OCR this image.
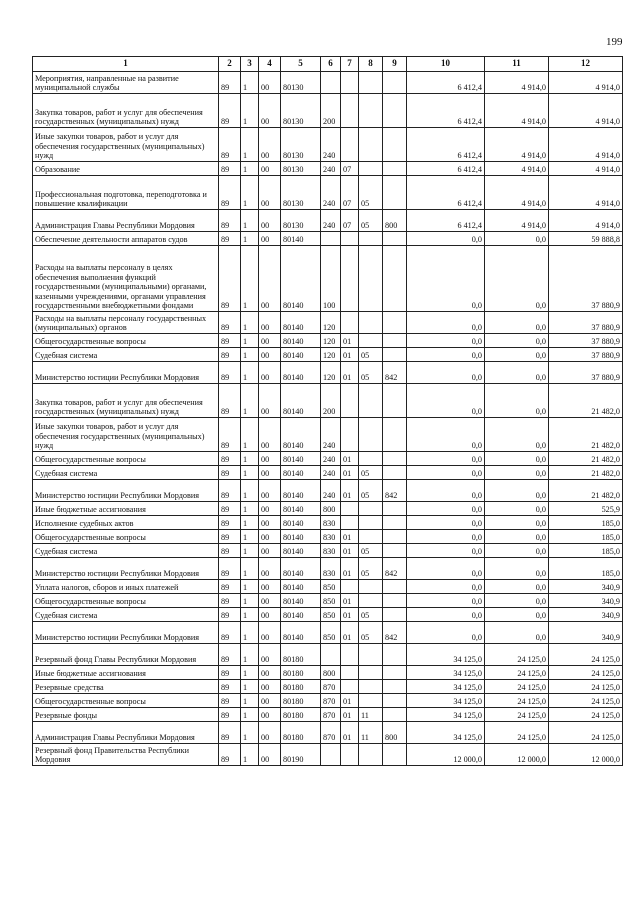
199
1	2	3	4	5	6	7	8	9	10	11	12
Мероприятия, направленные на развитие муниципальной службы	89	1	00	80130					6 412,4	4 914,0	4 914,0
Закупка товаров, работ и услуг для обеспечения государственных (муниципальных) нужд	89	1	00	80130	200				6 412,4	4 914,0	4 914,0
Иные закупки товаров, работ и услуг для обеспечения государственных (муниципальных) нужд	89	1	00	80130	240				6 412,4	4 914,0	4 914,0
Образование	89	1	00	80130	240	07			6 412,4	4 914,0	4 914,0
Профессиональная подготовка, переподготовка и повышение квалификации	89	1	00	80130	240	07	05		6 412,4	4 914,0	4 914,0
Администрация Главы Республики Мордовия	89	1	00	80130	240	07	05	800	6 412,4	4 914,0	4 914,0
Обеспечение деятельности аппаратов судов	89	1	00	80140					0,0	0,0	59 888,8
Расходы на выплаты персоналу в целях обеспечения выполнения функций государственными (муниципальными) органами, казенными учреждениями, органами управления государственными внебюджетными фондами	89	1	00	80140	100				0,0	0,0	37 880,9
Расходы на выплаты персоналу государственных (муниципальных) органов	89	1	00	80140	120				0,0	0,0	37 880,9
Общегосударственные вопросы	89	1	00	80140	120	01			0,0	0,0	37 880,9
Судебная система	89	1	00	80140	120	01	05		0,0	0,0	37 880,9
Министерство юстиции Республики Мордовия	89	1	00	80140	120	01	05	842	0,0	0,0	37 880,9
Закупка товаров, работ и услуг для обеспечения государственных (муниципальных) нужд	89	1	00	80140	200				0,0	0,0	21 482,0
Иные закупки товаров, работ и услуг для обеспечения государственных (муниципальных) нужд	89	1	00	80140	240				0,0	0,0	21 482,0
Общегосударственные вопросы	89	1	00	80140	240	01			0,0	0,0	21 482,0
Судебная система	89	1	00	80140	240	01	05		0,0	0,0	21 482,0
Министерство юстиции Республики Мордовия	89	1	00	80140	240	01	05	842	0,0	0,0	21 482,0
Иные бюджетные ассигнования	89	1	00	80140	800				0,0	0,0	525,9
Исполнение судебных актов	89	1	00	80140	830				0,0	0,0	185,0
Общегосударственные вопросы	89	1	00	80140	830	01			0,0	0,0	185,0
Судебная система	89	1	00	80140	830	01	05		0,0	0,0	185,0
Министерство юстиции Республики Мордовия	89	1	00	80140	830	01	05	842	0,0	0,0	185,0
Уплата налогов, сборов и иных платежей	89	1	00	80140	850				0,0	0,0	340,9
Общегосударственные вопросы	89	1	00	80140	850	01			0,0	0,0	340,9
Судебная система	89	1	00	80140	850	01	05		0,0	0,0	340,9
Министерство юстиции Республики Мордовия	89	1	00	80140	850	01	05	842	0,0	0,0	340,9
Резервный фонд Главы Республики Мордовия	89	1	00	80180					34 125,0	24 125,0	24 125,0
Иные бюджетные ассигнования	89	1	00	80180	800				34 125,0	24 125,0	24 125,0
Резервные средства	89	1	00	80180	870				34 125,0	24 125,0	24 125,0
Общегосударственные вопросы	89	1	00	80180	870	01			34 125,0	24 125,0	24 125,0
Резервные фонды	89	1	00	80180	870	01	11		34 125,0	24 125,0	24 125,0
Администрация Главы Республики Мордовия	89	1	00	80180	870	01	11	800	34 125,0	24 125,0	24 125,0
Резервный фонд Правительства Республики Мордовия	89	1	00	80190					12 000,0	12 000,0	12 000,0
